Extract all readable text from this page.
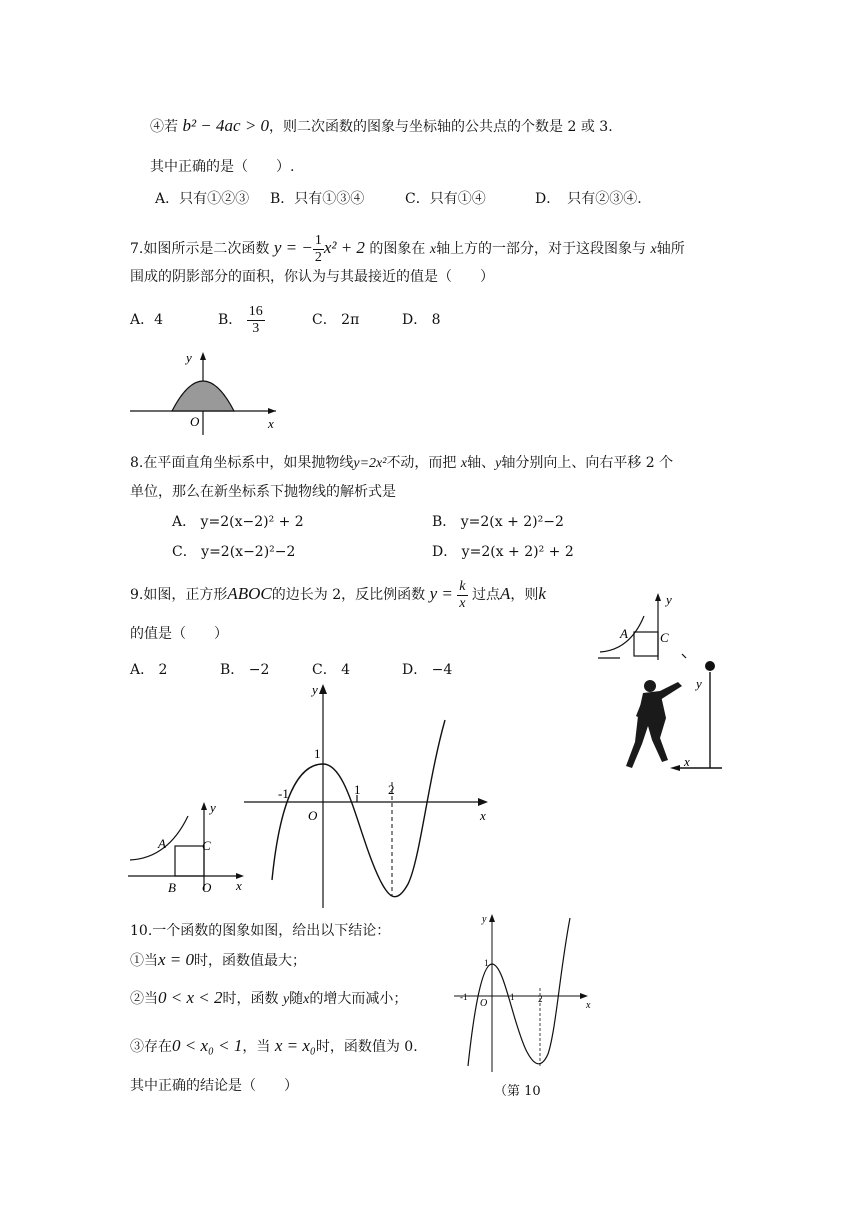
④若 b² − 4ac > 0，则二次函数的图象与坐标轴的公共点的个数是 2 或 3.
其中正确的是（　　）.
A．只有①②③ B．只有①③④	C．只有①④	D．　只有②③④.
7.如图所示是二次函数 y = − $\frac{1}{2} x^2 + 2$ 的图象在 x轴上方的一部分，对于这段图象与 x轴所
围成的阴影部分的面积，你认为与其最接近的值是（　　）
A．4	B． $\frac{16}{3}$	C． 2π	D． 8
y
O	x
8.在平面直角坐标系中，如果抛物线y=2x²不动，而把 x轴、y轴分别向上、向右平移 2 个
单位，那么在新坐标系下抛物线的解析式是
A． y=2(x−2)² + 2	B． y=2(x + 2)²−2
C． y=2(x−2)²−2	D． y=2(x + 2)² + 2
9.如图，正方形ABOC的边长为 2，反比例函数 $y = \frac{k}{x}$ 过点A，则k
的值是（　　）
A． 2	B． −2	C． 4	D． −4
y
A C
y
x
y
A	C
B O x
y
1
-1	1 2
O	x
10.一个函数的图象如图，给出以下结论：
①当x = 0时，函数值最大；
②当0 < x < 2时，函数 y随x的增大而减小；
③存在0 < x₀ < 1，当 x = x₀时，函数值为 0.
其中正确的结论是（　　）
y
1
-1
O
1	2
x
（第 10
